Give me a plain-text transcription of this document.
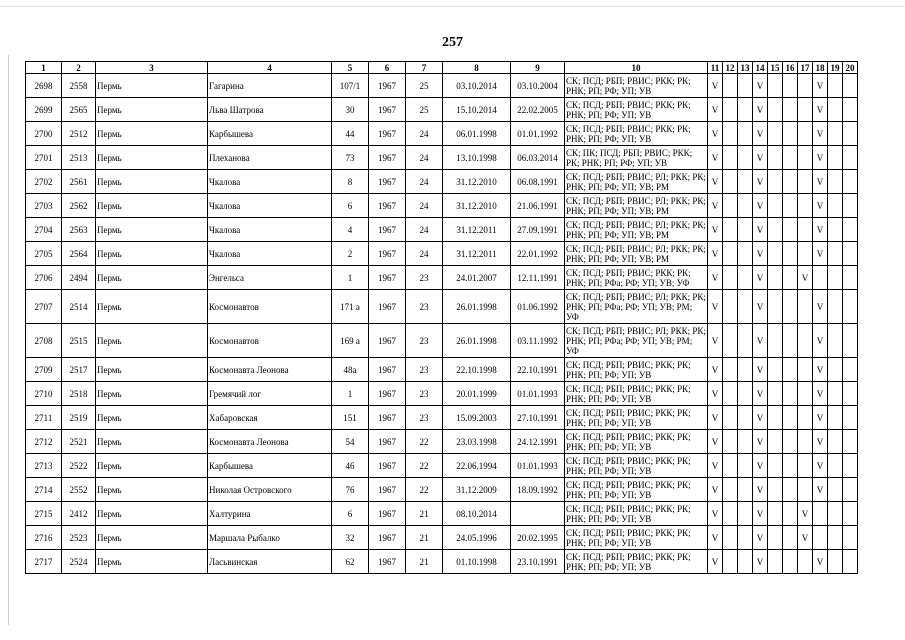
257
1	2	3	4	5	6	7	8	9	10	11	12	13	14	15	16	17	18	19	20
2698	2558	Пермь	Гагарина	107/1	1967	25	03.10.2014	03.10.2004	СК; ПСД; РБП; РВИС; РКК; РК; РНК; РП; РФ; УП; УВ	V			V				V		
2699	2565	Пермь	Льва Шатрова	30	1967	25	15.10.2014	22.02.2005	СК; ПСД; РБП; РВИС; РКК; РК; РНК; РП; РФ; УП; УВ	V			V				V		
2700	2512	Пермь	Карбышева	44	1967	24	06.01.1998	01.01.1992	СК; ПСД; РБП; РВИС; РКК; РК; РНК; РП; РФ; УП; УВ	V			V				V		
2701	2513	Пермь	Плеханова	73	1967	24	13.10.1998	06.03.2014	СК; ПК; ПСД; РБП; РВИС; РКК; РК; РНК; РП; РФ; УП; УВ	V			V				V		
2702	2561	Пермь	Чкалова	8	1967	24	31.12.2010	06.08.1991	СК; ПСД; РБП; РВИС; РЛ; РКК; РК; РНК; РП; РФ; УП; УВ; РМ	V			V				V		
2703	2562	Пермь	Чкалова	6	1967	24	31.12.2010	21.06.1991	СК; ПСД; РБП; РВИС; РЛ; РКК; РК; РНК; РП; РФ; УП; УВ; РМ	V			V				V		
2704	2563	Пермь	Чкалова	4	1967	24	31.12.2011	27.09.1991	СК; ПСД; РБП; РВИС; РЛ; РКК; РК; РНК; РП; РФ; УП; УВ; РМ	V			V				V		
2705	2564	Пермь	Чкалова	2	1967	24	31.12.2011	22.01.1992	СК; ПСД; РБП; РВИС; РЛ; РКК; РК; РНК; РП; РФ; УП; УВ; РМ	V			V				V		
2706	2494	Пермь	Энгельса	1	1967	23	24.01.2007	12.11.1991	СК; ПСД; РБП; РВИС; РКК; РК; РНК; РП; РФа; РФ; УП; УВ; УФ	V			V			V			
2707	2514	Пермь	Космонавтов	171 а	1967	23	26.01.1998	01.06.1992	СК; ПСД; РБП; РВИС; РЛ; РКК; РК; РНК; РП; РФа; РФ; УП; УВ; РМ; УФ	V			V				V		
2708	2515	Пермь	Космонавтов	169 а	1967	23	26.01.1998	03.11.1992	СК; ПСД; РБП; РВИС; РЛ; РКК; РК; РНК; РП; РФа; РФ; УП; УВ; РМ; УФ	V			V				V		
2709	2517	Пермь	Космонавта Леонова	48а	1967	23	22.10.1998	22.10.1991	СК; ПСД; РБП; РВИС; РКК; РК; РНК; РП; РФ; УП; УВ	V			V				V		
2710	2518	Пермь	Гремячий лог	1	1967	23	20.01.1999	01.01.1993	СК; ПСД; РБП; РВИС; РКК; РК; РНК; РП; РФ; УП; УВ	V			V				V		
2711	2519	Пермь	Хабаровская	151	1967	23	15.09.2003	27.10.1991	СК; ПСД; РБП; РВИС; РКК; РК; РНК; РП; РФ; УП; УВ	V			V				V		
2712	2521	Пермь	Космонавта Леонова	54	1967	22	23.03.1998	24.12.1991	СК; ПСД; РБП; РВИС; РКК; РК; РНК; РП; РФ; УП; УВ	V			V				V		
2713	2522	Пермь	Карбышева	46	1967	22	22.06.1994	01.01.1993	СК; ПСД; РБП; РВИС; РКК; РК; РНК; РП; РФ; УП; УВ	V			V				V		
2714	2552	Пермь	Николая Островского	76	1967	22	31.12.2009	18.09.1992	СК; ПСД; РБП; РВИС; РКК; РК; РНК; РП; РФ; УП; УВ	V			V				V		
2715	2412	Пермь	Халтурина	6	1967	21	08.10.2014		СК; ПСД; РБП; РВИС; РКК; РК; РНК; РП; РФ; УП; УВ	V			V			V			
2716	2523	Пермь	Маршала Рыбалко	32	1967	21	24.05.1996	20.02.1995	СК; ПСД; РБП; РВИС; РКК; РК; РНК; РП; РФ; УП; УВ	V			V			V			
2717	2524	Пермь	Ласьвинская	62	1967	21	01.10.1998	23.10.1991	СК; ПСД; РБП; РВИС; РКК; РК; РНК; РП; РФ; УП; УВ	V			V				V		
